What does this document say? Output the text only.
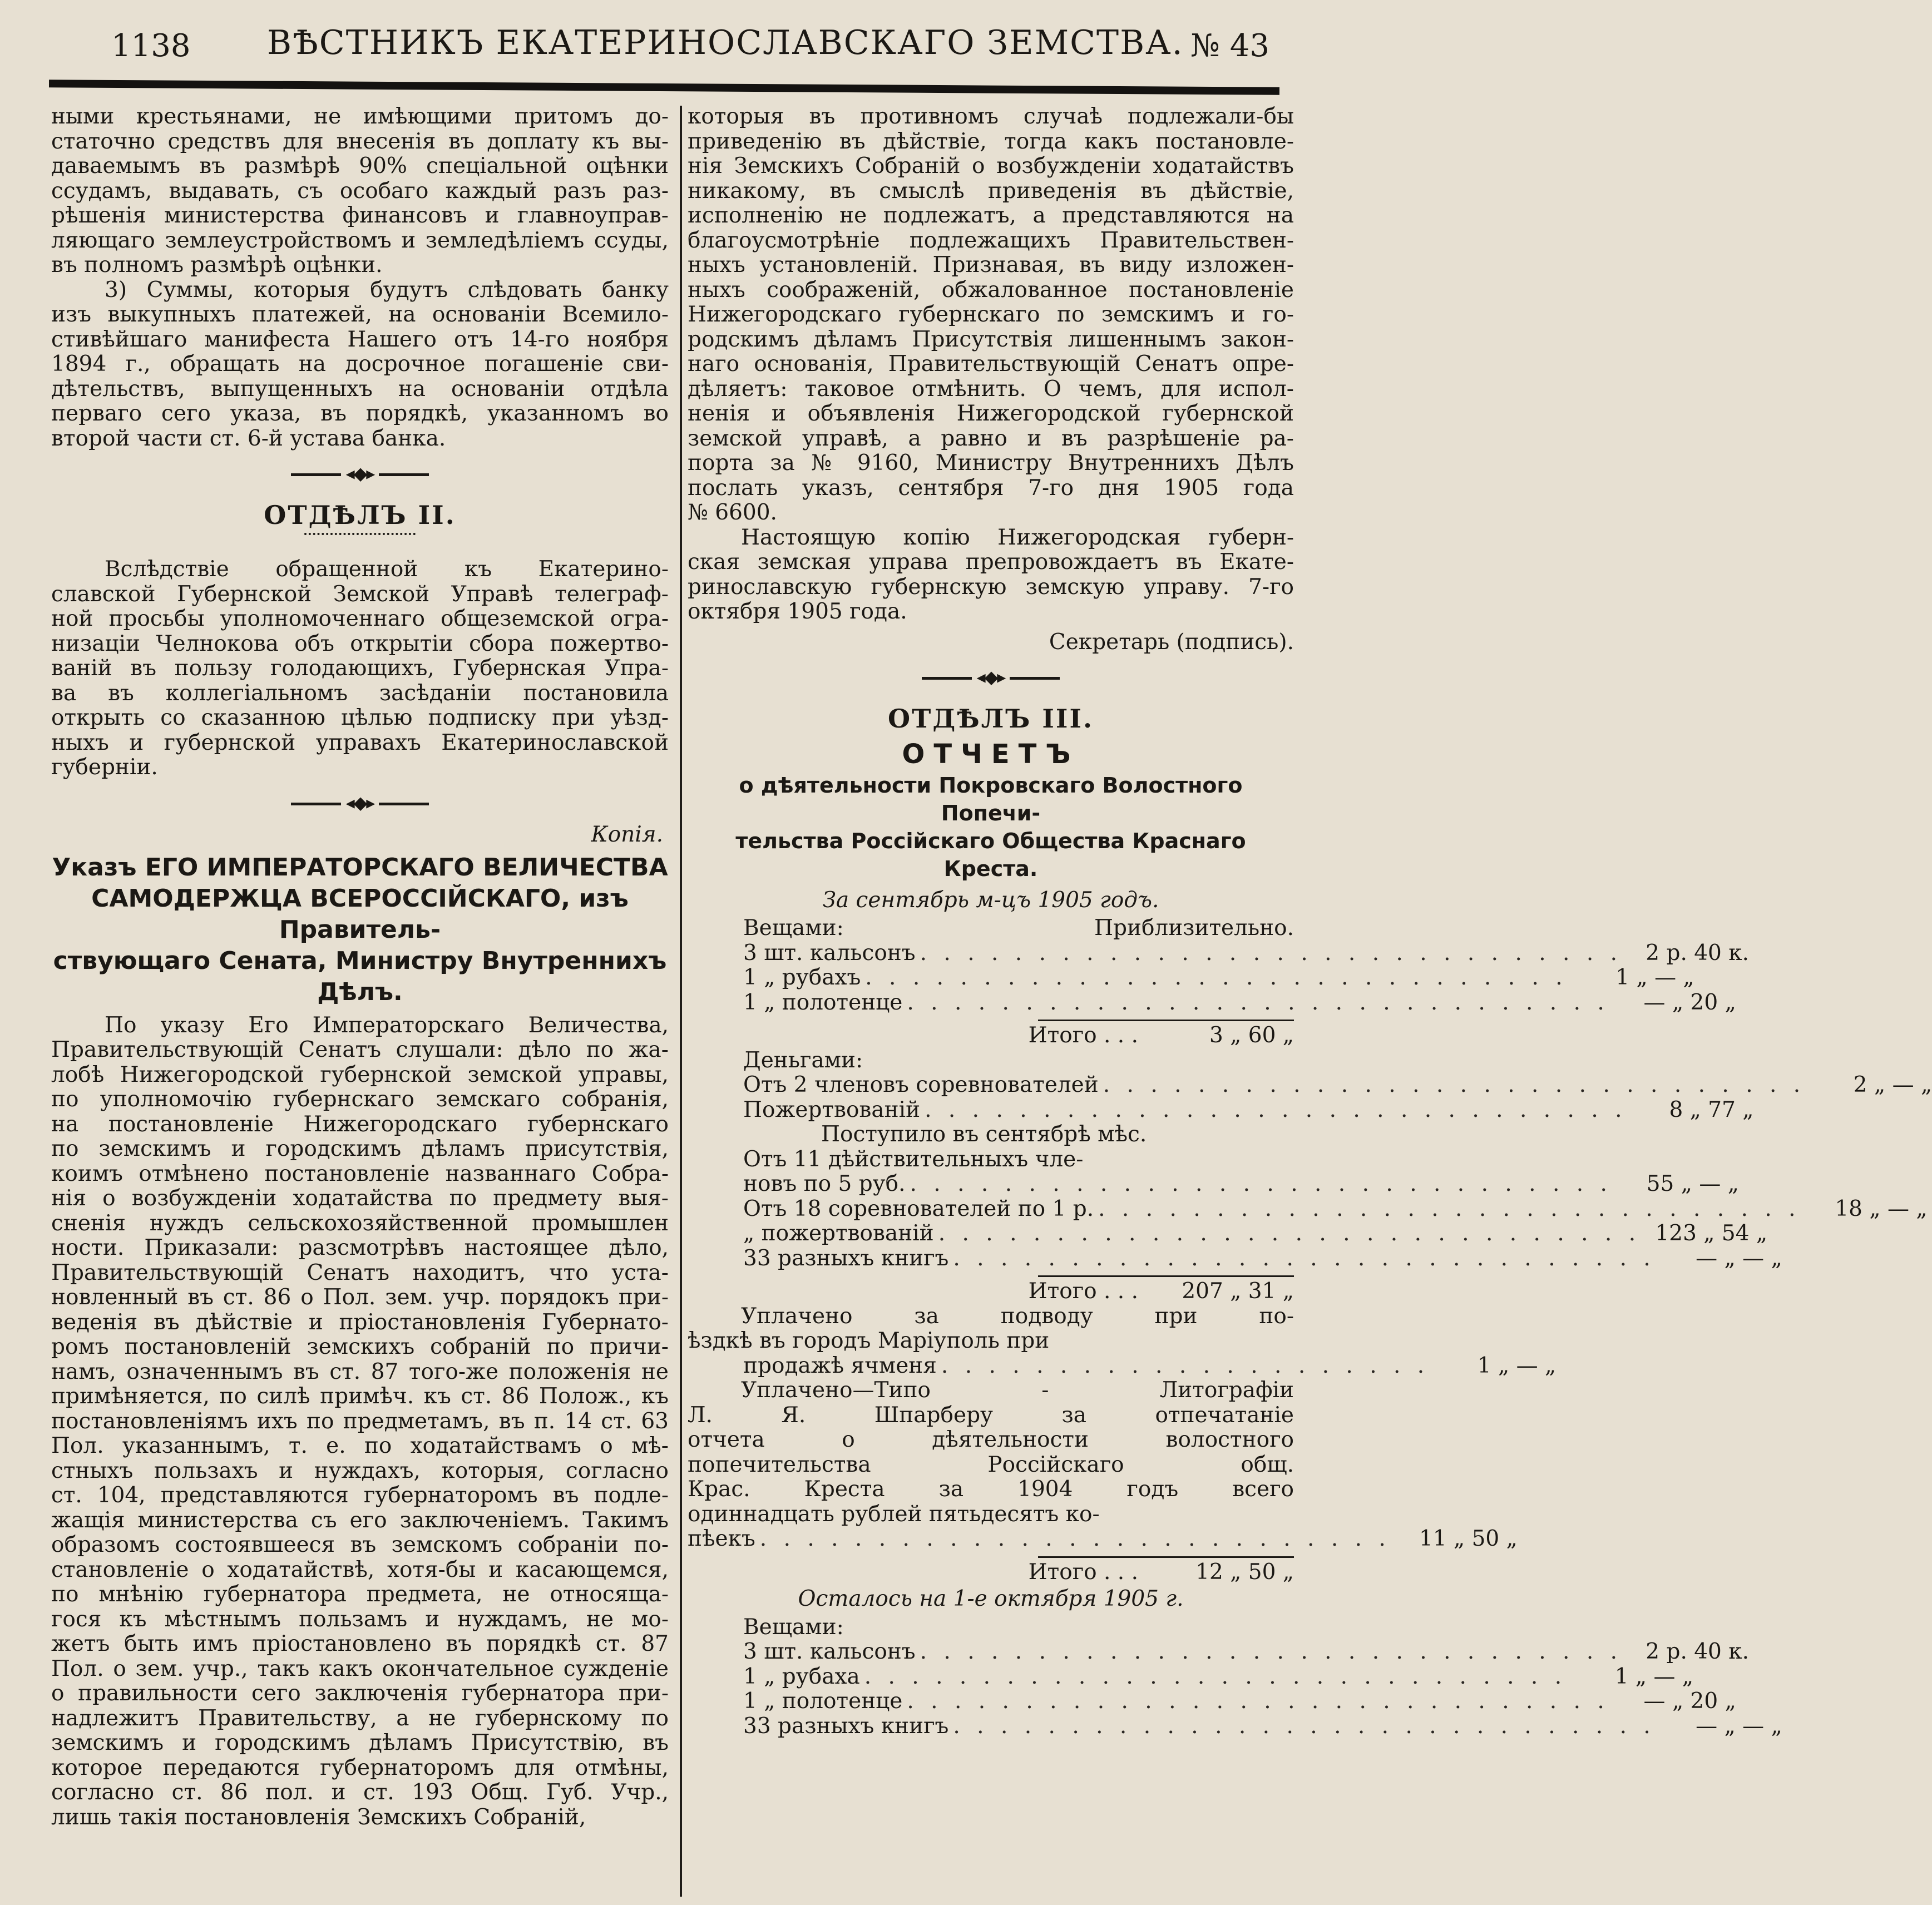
1138 ВѢСТНИКЪ ЕКАТЕРИНОСЛАВСКАГО ЗЕМСТВА. № 43

ными крестьянами, не имѣющими притомъ до-

статочно средствъ для внесенія въ доплату къ вы-

даваемымъ въ размѣрѣ 90% спеціальной оцѣнки

ссудамъ, выдавать, съ особаго каждый разъ раз-

рѣшенія министерства финансовъ и главноупрaв-

ляющаго землеустройствомъ и земледѣліемъ ссуды,

въ полномъ размѣрѣ оцѣнки.

3) Суммы, которыя будутъ слѣдовать банку

изъ выкупныхъ платежей, на основаніи Всемило-

стивѣйшаго манифеста Нашего отъ 14-го ноября

1894 г., обращать на досрочное погашеніе сви-

дѣтельствъ, выпущенныхъ на основаніи отдѣла

перваго сего указа, въ порядкѣ, указанномъ во

второй части ст. 6-й устава банка.

◂◆▸
ОТДѢЛЪ II.

Вслѣдствіе обращенной къ Екатерино-

славской Губернской Земской Управѣ телеграф-

ной просьбы уполномоченнаго общеземской огра-

низаціи Челнокова объ открытіи сбора пожертво-

ваній въ пользу голодающихъ, Губернская Упра-

ва въ коллегіальномъ засѣданіи постановила

открыть со сказанною цѣлью подписку при уѣзд-

ныхъ и губернской управахъ Екатеринославской

губерніи.

◂◆▸
Копія.

Указъ ЕГО ИМПЕРАТОРСКАГО ВЕЛИЧЕСТВА

САМОДЕРЖЦА ВСЕРОССІЙСКАГО, изъ Правитель-

ствующаго Сената, Министру Внутреннихъ Дѣлъ.

По указу Его Императорскаго Величества,

Правительствующій Сенатъ слушали: дѣло по жа-

лобѣ Нижегородской губернской земской управы,

по уполномочію губернскаго земскаго собранія,

на постановленіе Нижегородскаго губернскаго

по земскимъ и городскимъ дѣламъ присутствія,

коимъ отмѣнено постановленіе названнаго Собра-

нія о возбужденіи ходатайства по предмету выя-

сненія нуждъ сельскохозяйственной промышлен

ности. Приказали: разсмотрѣвъ настоящее дѣло,

Правительствующій Сенатъ находитъ, что уста-

новленный въ ст. 86 о Пол. зем. учр. порядокъ при-

веденія въ дѣйствіе и пріостановленія Губернато-

ромъ постановленій земскихъ собраній по причи-

намъ, означеннымъ въ ст. 87 того-же положенія не

примѣняется, по силѣ примѣч. къ ст. 86 Полож., къ

постановленіямъ ихъ по предметамъ, въ п. 14 ст. 63

Пол. указаннымъ, т. е. по ходатайствамъ о мѣ-

стныхъ пользахъ и нуждахъ, которыя, согласно

ст. 104, представляются губернаторомъ въ подле-

жащія министерства съ его заключеніемъ. Такимъ

образомъ состоявшееся въ земскомъ собраніи по-

становленіе о ходатайствѣ, хотя-бы и касающемся,

по мнѣнію губернатора предмета, не относяща-

гося къ мѣстнымъ пользамъ и нуждамъ, не мо-

жетъ быть имъ пріостановлено въ порядкѣ ст. 87

Пол. о зем. учр., такъ какъ окончательное сужденіе

о правильности сего заключенія губернатора при-

надлежитъ Правительству, а не губернскому по

земскимъ и городскимъ дѣламъ Присутствію, въ

которое передаются губернаторомъ для отмѣны,

согласно ст. 86 пол. и ст. 193 Общ. Губ. Учр.,

лишь такія постановленія Земскихъ Собраній,

которыя въ противномъ случаѣ подлежали-бы

приведенію въ дѣйствіе, тогда какъ постановле-

нія Земскихъ Собраній о возбужденіи ходатайствъ

никакому, въ смыслѣ приведенія въ дѣйствіе,

исполненію не подлежатъ, а представляются на

благоусмотрѣніе подлежащихъ Правительствен-

ныхъ установленій. Признавая, въ виду изложен-

ныхъ соображеній, обжалованное постановленіе

Нижегородскаго губернскаго по земскимъ и го-

родскимъ дѣламъ Присутствія лишеннымъ закон-

наго основанія, Правительствующій Сенатъ опре-

дѣляетъ: таковое отмѣнить. О чемъ, для испол-

ненія и объявленія Нижегородской губернской

земской управѣ, а равно и въ разрѣшеніе ра-

порта за № 9160, Министру Внутреннихъ Дѣлъ

послать указъ, сентября 7-го дня 1905 года

№ 6600.

Настоящую копію Нижегородская губерн-

ская земская управа препровождаетъ въ Екате-

ринославскую губернскую земскую управу. 7-го

октября 1905 года.

Секретарь (подпись).
◂◆▸
ОТДѢЛЪ III.
ОТЧЕТЪ

о дѣятельности Покровскаго Волостного Попечи-

тельства Россійскаго Общества Краснаго Креста.

За сентябрь м-цъ 1905 годъ.
Вещами:	Приблизительно.
3 шт. кальсонъ . . . . . . . . . . . . . . . . . . . . . . . . . . . . . .	2 р. 40 к.
1 „ рубахъ . . . . . . . . . . . . . . . . . . . . . . . . . . . . . .	1 „ — „
1 „ полотенце . . . . . . . . . . . . . . . . . . . . . . . . . . . . . .	— „ 20 „
Итого . . .	3 „ 60 „
Деньгами:
Отъ 2 членовъ соревнователей . . . . . . . . . . . . . . . . . . . . . . . . . . . . . .	2 „ — „
Пожертвованій . . . . . . . . . . . . . . . . . . . . . . . . . . . . . .	8 „ 77 „
Поступило въ сентябрѣ мѣс.
Отъ 11 дѣйствительныхъ чле-
новъ по 5 руб. . . . . . . . . . . . . . . . . . . . . . . . . . . . . . .	55 „ — „
Отъ 18 соревнователей по 1 р. . . . . . . . . . . . . . . . . . . . . . . . . . . . . . .	18 „ — „
„ пожертвованій . . . . . . . . . . . . . . . . . . . . . . . . . . . . . . 123 „ 54 „
33 разныхъ книгъ . . . . . . . . . . . . . . . . . . . . . . . . . . . . . .	— „ — „
Итого . . .	207 „ 31 „

Уплачено за подводу при по-

ѣздкѣ въ городъ Маріуполь при

продажѣ ячменя . . . . . . . . . . . . . . . . . . . . .	1 „ — „

Уплачено—Типо - Литографіи

Л. Я. Шпарберу за отпечатаніе

отчета о дѣятельности волостного

попечительства Россійскаго общ.

Крас. Креста за 1904 годъ всего

одиннадцать рублей пятьдесятъ ко-

пѣекъ . . . . . . . . . . . . . . . . . . . . . . . . . . .	11 „ 50 „
Итого . . .	12 „ 50 „
Осталось на 1-е октября 1905 г.
Вещами:
3 шт. кальсонъ . . . . . . . . . . . . . . . . . . . . . . . . . . . . . .	2 р. 40 к.
1 „ рубаха . . . . . . . . . . . . . . . . . . . . . . . . . . . . . .	1 „ — „
1 „ полотенце . . . . . . . . . . . . . . . . . . . . . . . . . . . . . .	— „ 20 „
33 разныхъ книгъ . . . . . . . . . . . . . . . . . . . . . . . . . . . . . .	— „ — „
